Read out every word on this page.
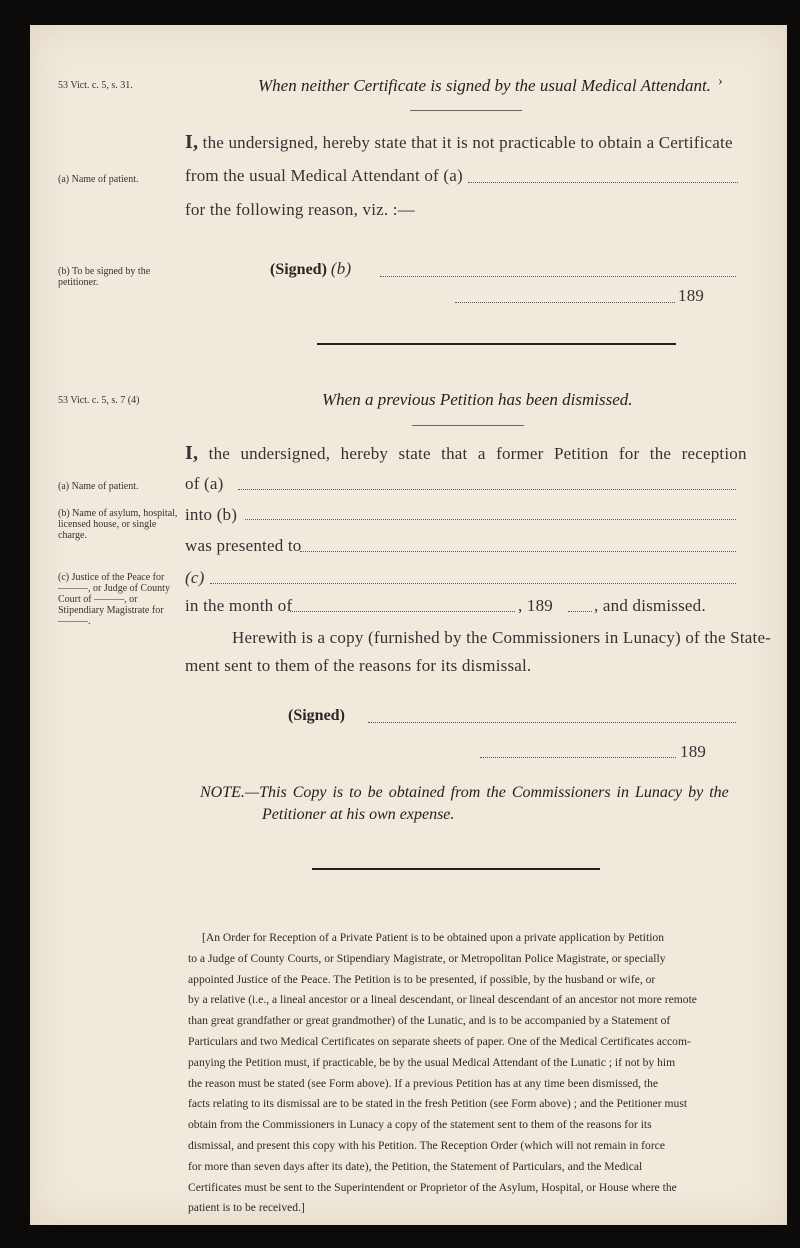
53 Vict. c. 5, s. 31.	When neither Certificate is signed by the usual Medical Attendant. ›
I, the undersigned, hereby state that it is not practicable to obtain a Certificate
(a) Name of patient.	from the usual Medical Attendant of (a)
for the following reason, viz. :—
(b) To be signed by the petitioner.
(Signed) (b)
189
53 Vict. c. 5, s. 7 (4)	When a previous Petition has been dismissed.
I, the undersigned, hereby state that a former Petition for the reception
(a) Name of patient.	of (a)
(b) Name of asylum, hospital, licensed house, or single charge.
into (b)
was presented to
(c) Justice of the Peace for ———, or Judge of County Court of ———, or Stipendiary Magistrate for ———.
(c)
in the month of	, 189 , and dismissed.
Herewith is a copy (furnished by the Commissioners in Lunacy) of the State-
ment sent to them of the reasons for its dismissal.
(Signed)
189
NOTE.—This Copy is to be obtained from the Commissioners in Lunacy by the
Petitioner at his own expense.
[An Order for Reception of a Private Patient is to be obtained upon a private application by Petition
to a Judge of County Courts, or Stipendiary Magistrate, or Metropolitan Police Magistrate, or specially
appointed Justice of the Peace. The Petition is to be presented, if possible, by the husband or wife, or
by a relative (i.e., a lineal ancestor or a lineal descendant, or lineal descendant of an ancestor not more remote
than great grandfather or great grandmother) of the Lunatic, and is to be accompanied by a Statement of
Particulars and two Medical Certificates on separate sheets of paper. One of the Medical Certificates accom-
panying the Petition must, if practicable, be by the usual Medical Attendant of the Lunatic ; if not by him
the reason must be stated (see Form above). If a previous Petition has at any time been dismissed, the
facts relating to its dismissal are to be stated in the fresh Petition (see Form above) ; and the Petitioner must
obtain from the Commissioners in Lunacy a copy of the statement sent to them of the reasons for its
dismissal, and present this copy with his Petition. The Reception Order (which will not remain in force
for more than seven days after its date), the Petition, the Statement of Particulars, and the Medical
Certificates must be sent to the Superintendent or Proprietor of the Asylum, Hospital, or House where the
patient is to be received.]
